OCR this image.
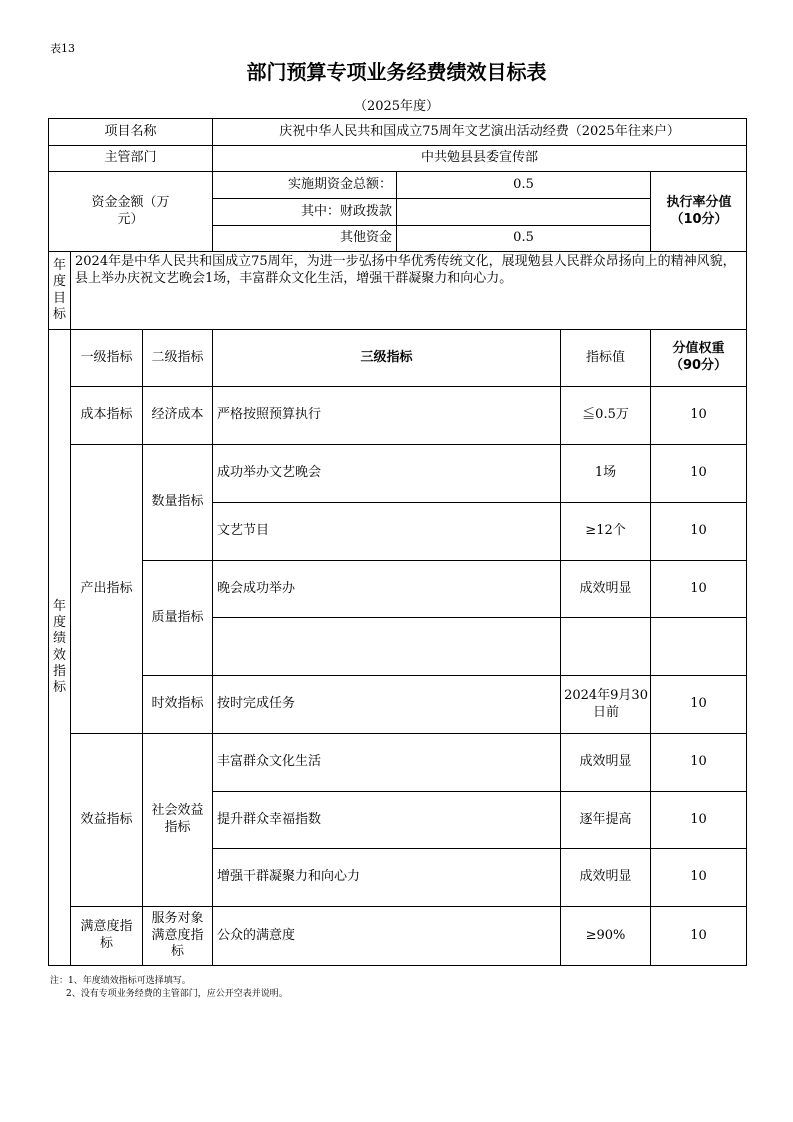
表13
部门预算专项业务经费绩效目标表
（2025年度）
项目名称			庆祝中华人民共和国成立75周年文艺演出活动经费（2025年往来户）			
主管部门			中共勉县县委宣传部			

资金金额（万元）			实施期资金总额：	0.5		执行率分值（10分）

			其中：财政拨款			
			其他资金	0.5		

年度目标	2024年是中华人民共和国成立75周年，为进一步弘扬中华优秀传统文化，展现勉县人民群众昂扬向上的精神风貌，县上举办庆祝文艺晚会1场，丰富群众文化生活，增强干群凝聚力和向心力。					

年度绩效指标	一级指标	二级指标	三级指标		指标值	分值权重（90分）

	成本指标	经济成本	严格按照预算执行		≦0.5万	10
	产出指标	数量指标	成功举办文艺晚会		1场	10
			文艺节目		≥12个	10
		质量指标	晚会成功举办		成效明显	10

		时效指标	按时完成任务		2024年9月30日前	10
	效益指标	社会效益指标	丰富群众文化生活		成效明显	10
			提升群众幸福指数		逐年提高	10
			增强干群凝聚力和向心力		成效明显	10

	满意度指标	服务对象满意度指标	公众的满意度		≥90%	10
注：1、年度绩效指标可选择填写。
2、没有专项业务经费的主管部门，应公开空表并说明。
